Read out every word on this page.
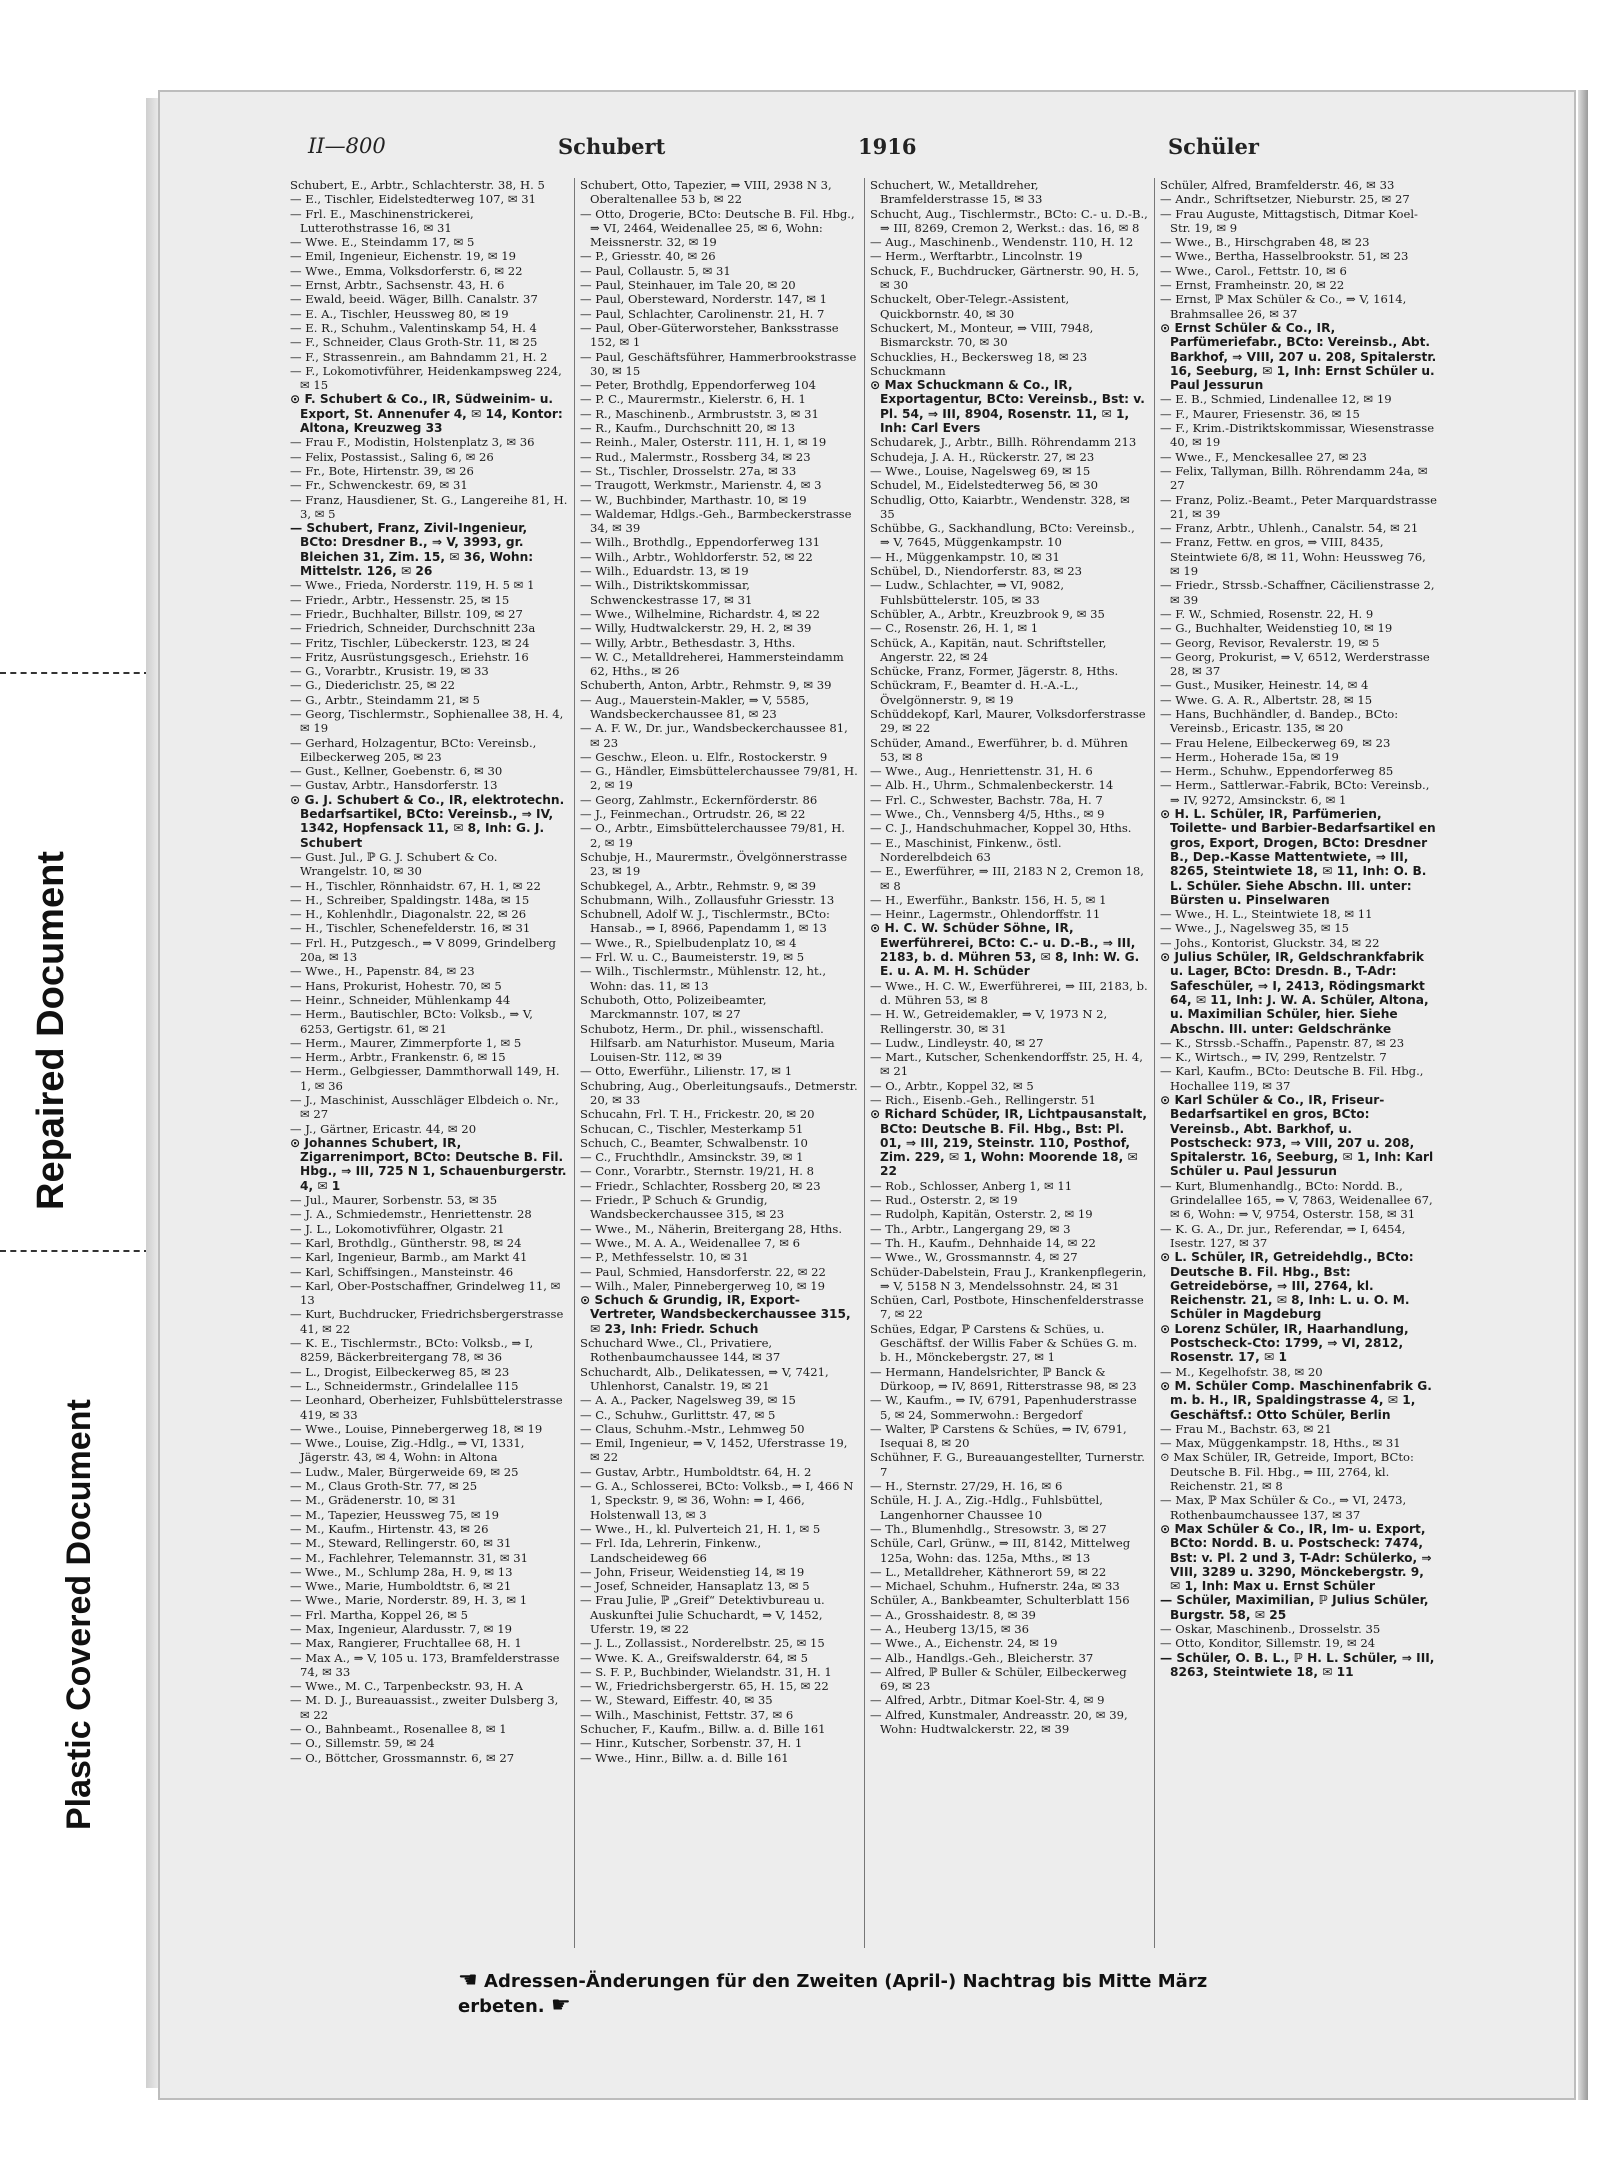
Repaired Document
Plastic Covered Document
II—800	Schubert	1916	Schüler

Schubert, E., Arbtr., Schlachterstr. 38, H. 5

— E., Tischler, Eidelstedterweg 107, ✉ 31

— Frl. E., Maschinenstrickerei, Lutterothstrasse 16, ✉ 31

— Wwe. E., Steindamm 17, ✉ 5

— Emil, Ingenieur, Eichenstr. 19, ✉ 19

— Wwe., Emma, Volksdorferstr. 6, ✉ 22

— Ernst, Arbtr., Sachsenstr. 43, H. 6

— Ewald, beeid. Wäger, Billh. Canalstr. 37

— E. A., Tischler, Heussweg 80, ✉ 19

— E. R., Schuhm., Valentinskamp 54, H. 4

— F., Schneider, Claus Groth-Str. 11, ✉ 25

— F., Strassenrein., am Bahndamm 21, H. 2

— F., Lokomotivführer, Heidenkampsweg 224, ✉ 15

⊙ F. Schubert & Co., IR, Südweinim- u. Export, St. Annenufer 4, ✉ 14, Kontor: Altona, Kreuzweg 33

— Frau F., Modistin, Holstenplatz 3, ✉ 36

— Felix, Postassist., Saling 6, ✉ 26

— Fr., Bote, Hirtenstr. 39, ✉ 26

— Fr., Schwenckestr. 69, ✉ 31

— Franz, Hausdiener, St. G., Langereihe 81, H. 3, ✉ 5

— Schubert, Franz, Zivil-Ingenieur, BCto: Dresdner B., ⇒ V, 3993, gr. Bleichen 31, Zim. 15, ✉ 36, Wohn: Mittelstr. 126, ✉ 26

— Wwe., Frieda, Norderstr. 119, H. 5 ✉ 1

— Friedr., Arbtr., Hessenstr. 25, ✉ 15

— Friedr., Buchhalter, Billstr. 109, ✉ 27

— Friedrich, Schneider, Durchschnitt 23a

— Fritz, Tischler, Lübeckerstr. 123, ✉ 24

— Fritz, Ausrüstungsgesch., Eriehstr. 16

— G., Vorarbtr., Krusistr. 19, ✉ 33

— G., Diedericlıstr. 25, ✉ 22

— G., Arbtr., Steindamm 21, ✉ 5

— Georg, Tischlermstr., Sophienallee 38, H. 4, ✉ 19

— Gerhard, Holzagentur, BCto: Vereinsb., Eilbeckerweg 205, ✉ 23

— Gust., Kellner, Goebenstr. 6, ✉ 30

— Gustav, Arbtr., Hansdorferstr. 13

⊙ G. J. Schubert & Co., IR, elektrotechn. Bedarfsartikel, BCto: Vereinsb., ⇒ IV, 1342, Hopfensack 11, ✉ 8, Inh: G. J. Schubert

— Gust. Jul., ℙ G. J. Schubert & Co. Wrangelstr. 10, ✉ 30

— H., Tischler, Rönnhaidstr. 67, H. 1, ✉ 22

— H., Schreiber, Spaldingstr. 148a, ✉ 15

— H., Kohlenhdlr., Diagonalstr. 22, ✉ 26

— H., Tischler, Schenefelderstr. 16, ✉ 31

— Frl. H., Putzgesch., ⇒ V 8099, Grindelberg 20a, ✉ 13

— Wwe., H., Papenstr. 84, ✉ 23

— Hans, Prokurist, Hohestr. 70, ✉ 5

— Heinr., Schneider, Mühlenkamp 44

— Herm., Bautischler, BCto: Volksb., ⇒ V, 6253, Gertigstr. 61, ✉ 21

— Herm., Maurer, Zimmerpforte 1, ✉ 5

— Herm., Arbtr., Frankenstr. 6, ✉ 15

— Herm., Gelbgiesser, Dammthorwall 149, H. 1, ✉ 36

— J., Maschinist, Ausschläger Elbdeich o. Nr., ✉ 27

— J., Gärtner, Ericastr. 44, ✉ 20

⊙ Johannes Schubert, IR, Zigarrenimport, BCto: Deutsche B. Fil. Hbg., ⇒ III, 725 N 1, Schauenburgerstr. 4, ✉ 1

— Jul., Maurer, Sorbenstr. 53, ✉ 35

— J. A., Schmiedemstr., Henriettenstr. 28

— J. L., Lokomotivführer, Olgastr. 21

— Karl, Brothdlg., Güntherstr. 98, ✉ 24

— Karl, Ingenieur, Barmb., am Markt 41

— Karl, Schiffsingen., Mansteinstr. 46

— Karl, Ober-Postschaffner, Grindelweg 11, ✉ 13

— Kurt, Buchdrucker, Friedrichsbergerstrasse 41, ✉ 22

— K. E., Tischlermstr., BCto: Volksb., ⇒ I, 8259, Bäckerbreitergang 78, ✉ 36

— L., Drogist, Eilbeckerweg 85, ✉ 23

— L., Schneidermstr., Grindelallee 115

— Leonhard, Oberheizer, Fuhlsbüttelerstrasse 419, ✉ 33

— Wwe., Louise, Pinnebergerweg 18, ✉ 19

— Wwe., Louise, Zig.-Hdlg., ⇒ VI, 1331, Jägerstr. 43, ✉ 4, Wohn: in Altona

— Ludw., Maler, Bürgerweide 69, ✉ 25

— M., Claus Groth-Str. 77, ✉ 25

— M., Grädenerstr. 10, ✉ 31

— M., Tapezier, Heussweg 75, ✉ 19

— M., Kaufm., Hirtenstr. 43, ✉ 26

— M., Steward, Rellingerstr. 60, ✉ 31

— M., Fachlehrer, Telemannstr. 31, ✉ 31

— Wwe., M., Schlump 28a, H. 9, ✉ 13

— Wwe., Marie, Humboldtstr. 6, ✉ 21

— Wwe., Marie, Norderstr. 89, H. 3, ✉ 1

— Frl. Martha, Koppel 26, ✉ 5

— Max, Ingenieur, Alardusstr. 7, ✉ 19

— Max, Rangierer, Fruchtallee 68, H. 1

— Max A., ⇒ V, 105 u. 173, Bramfelderstrasse 74, ✉ 33

— Wwe., M. C., Tarpenbeckstr. 93, H. A

— M. D. J., Bureauassist., zweiter Dulsberg 3, ✉ 22

— O., Bahnbeamt., Rosenallee 8, ✉ 1

— O., Sillemstr. 59, ✉ 24

— O., Böttcher, Grossmannstr. 6, ✉ 27

Schubert, Otto, Tapezier, ⇒ VIII, 2938 N 3, Oberaltenallee 53 b, ✉ 22

— Otto, Drogerie, BCto: Deutsche B. Fil. Hbg., ⇒ VI, 2464, Weidenallee 25, ✉ 6, Wohn: Meissnerstr. 32, ✉ 19

— P., Griesstr. 40, ✉ 26

— Paul, Collaustr. 5, ✉ 31

— Paul, Steinhauer, im Tale 20, ✉ 20

— Paul, Obersteward, Norderstr. 147, ✉ 1

— Paul, Schlachter, Carolinenstr. 21, H. 7

— Paul, Ober-Güterworsteher, Banksstrasse 152, ✉ 1

— Paul, Geschäftsführer, Hammerbrookstrasse 30, ✉ 15

— Peter, Brothdlg, Eppendorferweg 104

— P. C., Maurermstr., Kielerstr. 6, H. 1

— R., Maschinenb., Armbruststr. 3, ✉ 31

— R., Kaufm., Durchschnitt 20, ✉ 13

— Reinh., Maler, Osterstr. 111, H. 1, ✉ 19

— Rud., Malermstr., Rossberg 34, ✉ 23

— St., Tischler, Drosselstr. 27a, ✉ 33

— Traugott, Werkmstr., Marienstr. 4, ✉ 3

— W., Buchbinder, Marthastr. 10, ✉ 19

— Waldemar, Hdlgs.-Geh., Barmbeckerstrasse 34, ✉ 39

— Wilh., Brothdlg., Eppendorferweg 131

— Wilh., Arbtr., Wohldorferstr. 52, ✉ 22

— Wilh., Eduardstr. 13, ✉ 19

— Wilh., Distriktskommissar, Schwenckestrasse 17, ✉ 31

— Wwe., Wilhelmine, Richardstr. 4, ✉ 22

— Willy, Hudtwalckerstr. 29, H. 2, ✉ 39

— Willy, Arbtr., Bethesdastr. 3, Hths.

— W. C., Metalldreherei, Hammersteindamm 62, Hths., ✉ 26

Schuberth, Anton, Arbtr., Rehmstr. 9, ✉ 39

— Aug., Mauerstein-Makler, ⇒ V, 5585, Wandsbeckerchaussee 81, ✉ 23

— A. F. W., Dr. jur., Wandsbeckerchaussee 81, ✉ 23

— Geschw., Eleon. u. Elfr., Rostockerstr. 9

— G., Händler, Eimsbüttelerchaussee 79/81, H. 2, ✉ 19

— Georg, Zahlmstr., Eckernförderstr. 86

— J., Feinmechan., Ortrudstr. 26, ✉ 22

— O., Arbtr., Eimsbüttelerchaussee 79/81, H. 2, ✉ 19

Schubje, H., Maurermstr., Övelgönnerstrasse 23, ✉ 19

Schubkegel, A., Arbtr., Rehmstr. 9, ✉ 39

Schubmann, Wilh., Zollausfuhr Griesstr. 13

Schubnell, Adolf W. J., Tischlermstr., BCto: Hansab., ⇒ I, 8966, Papendamm 1, ✉ 13

— Wwe., R., Spielbudenplatz 10, ✉ 4

— Frl. W. u. C., Baumeisterstr. 19, ✉ 5

— Wilh., Tischlermstr., Mühlenstr. 12, ht., Wohn: das. 11, ✉ 13

Schuboth, Otto, Polizeibeamter, Marckmannstr. 107, ✉ 27

Schubotz, Herm., Dr. phil., wissenschaftl. Hilfsarb. am Naturhistor. Museum, Maria Louisen-Str. 112, ✉ 39

— Otto, Ewerführ., Lilienstr. 17, ✉ 1

Schubring, Aug., Oberleitungsaufs., Detmerstr. 20, ✉ 33

Schucahn, Frl. T. H., Frickestr. 20, ✉ 20

Schucan, C., Tischler, Mesterkamp 51

Schuch, C., Beamter, Schwalbenstr. 10

— C., Fruchthdlr., Amsinckstr. 39, ✉ 1

— Conr., Vorarbtr., Sternstr. 19/21, H. 8

— Friedr., Schlachter, Rossberg 20, ✉ 23

— Friedr., ℙ Schuch & Grundig, Wandsbeckerchaussee 315, ✉ 23

— Wwe., M., Näherin, Breitergang 28, Hths.

— Wwe., M. A. A., Weidenallee 7, ✉ 6

— P., Methfesselstr. 10, ✉ 31

— Paul, Schmied, Hansdorferstr. 22, ✉ 22

— Wilh., Maler, Pinnebergerweg 10, ✉ 19

⊙ Schuch & Grundig, IR, Export-Vertreter, Wandsbeckerchaussee 315, ✉ 23, Inh: Friedr. Schuch

Schuchard Wwe., Cl., Privatiere, Rothenbaumchaussee 144, ✉ 37

Schuchardt, Alb., Delikatessen, ⇒ V, 7421, Uhlenhorst, Canalstr. 19, ✉ 21

— A. A., Packer, Nagelsweg 39, ✉ 15

— C., Schuhw., Gurlittstr. 47, ✉ 5

— Claus, Schuhm.-Mstr., Lehmweg 50

— Emil, Ingenieur, ⇒ V, 1452, Uferstrasse 19, ✉ 22

— Gustav, Arbtr., Humboldtstr. 64, H. 2

— G. A., Schlosserei, BCto: Volksb., ⇒ I, 466 N 1, Speckstr. 9, ✉ 36, Wohn: ⇒ I, 466, Holstenwall 13, ✉ 3

— Wwe., H., kl. Pulverteich 21, H. 1, ✉ 5

— Frl. Ida, Lehrerin, Finkenw., Landscheideweg 66

— John, Friseur, Weidenstieg 14, ✉ 19

— Josef, Schneider, Hansaplatz 13, ✉ 5

— Frau Julie, ℙ „Greif“ Detektivbureau u. Auskunftei Julie Schuchardt, ⇒ V, 1452, Uferstr. 19, ✉ 22

— J. L., Zollassist., Norderelbstr. 25, ✉ 15

— Wwe. K. A., Greifswalderstr. 64, ✉ 5

— S. F. P., Buchbinder, Wielandstr. 31, H. 1

— W., Friedrichsbergerstr. 65, H. 15, ✉ 22

— W., Steward, Eiffestr. 40, ✉ 35

— Wilh., Maschinist, Fettstr. 37, ✉ 6

Schucher, F., Kaufm., Billw. a. d. Bille 161

— Hinr., Kutscher, Sorbenstr. 37, H. 1

— Wwe., Hinr., Billw. a. d. Bille 161

Schuchert, W., Metalldreher, Bramfelderstrasse 15, ✉ 33

Schucht, Aug., Tischlermstr., BCto: C.- u. D.-B., ⇒ III, 8269, Cremon 2, Werkst.: das. 16, ✉ 8

— Aug., Maschinenb., Wendenstr. 110, H. 12

— Herm., Werftarbtr., Lincolnstr. 19

Schuck, F., Buchdrucker, Gärtnerstr. 90, H. 5, ✉ 30

Schuckelt, Ober-Telegr.-Assistent, Quickbornstr. 40, ✉ 30

Schuckert, M., Monteur, ⇒ VIII, 7948, Bismarckstr. 70, ✉ 30

Schucklies, H., Beckersweg 18, ✉ 23

Schuckmann

⊙ Max Schuckmann & Co., IR, Exportagentur, BCto: Vereinsb., Bst: v. Pl. 54, ⇒ III, 8904, Rosenstr. 11, ✉ 1, Inh: Carl Evers

Schudarek, J., Arbtr., Billh. Röhrendamm 213

Schudeja, J. A. H., Rückerstr. 27, ✉ 23

— Wwe., Louise, Nagelsweg 69, ✉ 15

Schudel, M., Eidelstedterweg 56, ✉ 30

Schudlig, Otto, Kaiarbtr., Wendenstr. 328, ✉ 35

Schübbe, G., Sackhandlung, BCto: Vereinsb., ⇒ V, 7645, Müggenkampstr. 10

— H., Müggenkampstr. 10, ✉ 31

Schübel, D., Niendorferstr. 83, ✉ 23

— Ludw., Schlachter, ⇒ VI, 9082, Fuhlsbüttelerstr. 105, ✉ 33

Schübler, A., Arbtr., Kreuzbrook 9, ✉ 35

— C., Rosenstr. 26, H. 1, ✉ 1

Schück, A., Kapitän, naut. Schriftsteller, Angerstr. 22, ✉ 24

Schücke, Franz, Former, Jägerstr. 8, Hths.

Schückram, F., Beamter d. H.-A.-L., Övelgönnerstr. 9, ✉ 19

Schüddekopf, Karl, Maurer, Volksdorferstrasse 29, ✉ 22

Schüder, Amand., Ewerführer, b. d. Mühren 53, ✉ 8

— Wwe., Aug., Henriettenstr. 31, H. 6

— Alb. H., Uhrm., Schmalenbeckerstr. 14

— Frl. C., Schwester, Bachstr. 78a, H. 7

— Wwe., Ch., Vennsberg 4/5, Hths., ✉ 9

— C. J., Handschuhmacher, Koppel 30, Hths.

— E., Maschinist, Finkenw., östl. Norderelbdeich 63

— E., Ewerführer, ⇒ III, 2183 N 2, Cremon 18, ✉ 8

— H., Ewerführ., Bankstr. 156, H. 5, ✉ 1

— Heinr., Lagermstr., Ohlendorffstr. 11

⊙ H. C. W. Schüder Söhne, IR, Ewerführerei, BCto: C.- u. D.-B., ⇒ III, 2183, b. d. Mühren 53, ✉ 8, Inh: W. G. E. u. A. M. H. Schüder

— Wwe., H. C. W., Ewerführerei, ⇒ III, 2183, b. d. Mühren 53, ✉ 8

— H. W., Getreidemakler, ⇒ V, 1973 N 2, Rellingerstr. 30, ✉ 31

— Ludw., Lindleystr. 40, ✉ 27

— Mart., Kutscher, Schenkendorffstr. 25, H. 4, ✉ 21

— O., Arbtr., Koppel 32, ✉ 5

— Rich., Eisenb.-Geh., Rellingerstr. 51

⊙ Richard Schüder, IR, Lichtpausanstalt, BCto: Deutsche B. Fil. Hbg., Bst: Pl. 01, ⇒ III, 219, Steinstr. 110, Posthof, Zim. 229, ✉ 1, Wohn: Moorende 18, ✉ 22

— Rob., Schlosser, Anberg 1, ✉ 11

— Rud., Osterstr. 2, ✉ 19

— Rudolph, Kapitän, Osterstr. 2, ✉ 19

— Th., Arbtr., Langergang 29, ✉ 3

— Th. H., Kaufm., Dehnhaide 14, ✉ 22

— Wwe., W., Grossmannstr. 4, ✉ 27

Schüder-Dabelstein, Frau J., Krankenpflegerin, ⇒ V, 5158 N 3, Mendelssohnstr. 24, ✉ 31

Schüen, Carl, Postbote, Hinschenfelderstrasse 7, ✉ 22

Schües, Edgar, ℙ Carstens & Schües, u. Geschäftsf. der Willis Faber & Schües G. m. b. H., Mönckebergstr. 27, ✉ 1

— Hermann, Handelsrichter, ℙ Banck & Dürkoop, ⇒ IV, 8691, Ritterstrasse 98, ✉ 23

— W., Kaufm., ⇒ IV, 6791, Papenhuderstrasse 5, ✉ 24, Sommerwohn.: Bergedorf

— Walter, ℙ Carstens & Schües, ⇒ IV, 6791, Isequai 8, ✉ 20

Schühner, F. G., Bureauangestellter, Turnerstr. 7

— H., Sternstr. 27/29, H. 16, ✉ 6

Schüle, H. J. A., Zig.-Hdlg., Fuhlsbüttel, Langenhorner Chaussee 10

— Th., Blumenhdlg., Stresowstr. 3, ✉ 27

Schüle, Carl, Grünw., ⇒ III, 8142, Mittelweg 125a, Wohn: das. 125a, Mths., ✉ 13

— L., Metalldreher, Käthnerort 59, ✉ 22

— Michael, Schuhm., Hufnerstr. 24a, ✉ 33

Schüler, A., Bankbeamter, Schulterblatt 156

— A., Grosshaidestr. 8, ✉ 39

— A., Heuberg 13/15, ✉ 36

— Wwe., A., Eichenstr. 24, ✉ 19

— Alb., Handlgs.-Geh., Bleicherstr. 37

— Alfred, ℙ Buller & Schüler, Eilbeckerweg 69, ✉ 23

— Alfred, Arbtr., Ditmar Koel-Str. 4, ✉ 9

— Alfred, Kunstmaler, Andreasstr. 20, ✉ 39, Wohn: Hudtwalckerstr. 22, ✉ 39

Schüler, Alfred, Bramfelderstr. 46, ✉ 33

— Andr., Schriftsetzer, Nieburstr. 25, ✉ 27

— Frau Auguste, Mittagstisch, Ditmar Koel-Str. 19, ✉ 9

— Wwe., B., Hirschgraben 48, ✉ 23

— Wwe., Bertha, Hasselbrookstr. 51, ✉ 23

— Wwe., Carol., Fettstr. 10, ✉ 6

— Ernst, Framheinstr. 20, ✉ 22

— Ernst, ℙ Max Schüler & Co., ⇒ V, 1614, Brahmsallee 26, ✉ 37

⊙ Ernst Schüler & Co., IR, Parfümeriefabr., BCto: Vereinsb., Abt. Barkhof, ⇒ VIII, 207 u. 208, Spitalerstr. 16, Seeburg, ✉ 1, Inh: Ernst Schüler u. Paul Jessurun

— E. B., Schmied, Lindenallee 12, ✉ 19

— F., Maurer, Friesenstr. 36, ✉ 15

— F., Krim.-Distriktskommissar, Wiesenstrasse 40, ✉ 19

— Wwe., F., Menckesallee 27, ✉ 23

— Felix, Tallyman, Billh. Röhrendamm 24a, ✉ 27

— Franz, Poliz.-Beamt., Peter Marquardstrasse 21, ✉ 39

— Franz, Arbtr., Uhlenh., Canalstr. 54, ✉ 21

— Franz, Fettw. en gros, ⇒ VIII, 8435, Steintwiete 6/8, ✉ 11, Wohn: Heussweg 76, ✉ 19

— Friedr., Strssb.-Schaffner, Cäcilienstrasse 2, ✉ 39

— F. W., Schmied, Rosenstr. 22, H. 9

— G., Buchhalter, Weidenstieg 10, ✉ 19

— Georg, Revisor, Revalerstr. 19, ✉ 5

— Georg, Prokurist, ⇒ V, 6512, Werderstrasse 28, ✉ 37

— Gust., Musiker, Heinestr. 14, ✉ 4

— Wwe. G. A. R., Albertstr. 28, ✉ 15

— Hans, Buchhändler, d. Bandep., BCto: Vereinsb., Ericastr. 135, ✉ 20

— Frau Helene, Eilbeckerweg 69, ✉ 23

— Herm., Hoherade 15a, ✉ 19

— Herm., Schuhw., Eppendorferweg 85

— Herm., Sattlerwar.-Fabrik, BCto: Vereinsb., ⇒ IV, 9272, Amsinckstr. 6, ✉ 1

⊙ H. L. Schüler, IR, Parfümerien, Toilette- und Barbier-Bedarfsartikel en gros, Export, Drogen, BCto: Dresdner B., Dep.-Kasse Mattentwiete, ⇒ III, 8265, Steintwiete 18, ✉ 11, Inh: O. B. L. Schüler. Siehe Abschn. III. unter: Bürsten u. Pinselwaren

— Wwe., H. L., Steintwiete 18, ✉ 11

— Wwe., J., Nagelsweg 35, ✉ 15

— Johs., Kontorist, Gluckstr. 34, ✉ 22

⊙ Julius Schüler, IR, Geldschrankfabrik u. Lager, BCto: Dresdn. B., T-Adr: Safeschüler, ⇒ I, 2413, Rödingsmarkt 64, ✉ 11, Inh: J. W. A. Schüler, Altona, u. Maximilian Schüler, hier. Siehe Abschn. III. unter: Geldschränke

— K., Strssb.-Schaffn., Papenstr. 87, ✉ 23

— K., Wirtsch., ⇒ IV, 299, Rentzelstr. 7

— Karl, Kaufm., BCto: Deutsche B. Fil. Hbg., Hochallee 119, ✉ 37

⊙ Karl Schüler & Co., IR, Friseur-Bedarfsartikel en gros, BCto: Vereinsb., Abt. Barkhof, u. Postscheck: 973, ⇒ VIII, 207 u. 208, Spitalerstr. 16, Seeburg, ✉ 1, Inh: Karl Schüler u. Paul Jessurun

— Kurt, Blumenhandlg., BCto: Nordd. B., Grindelallee 165, ⇒ V, 7863, Weidenallee 67, ✉ 6, Wohn: ⇒ V, 9754, Osterstr. 158, ✉ 31

— K. G. A., Dr. jur., Referendar, ⇒ I, 6454, Isestr. 127, ✉ 37

⊙ L. Schüler, IR, Getreidehdlg., BCto: Deutsche B. Fil. Hbg., Bst: Getreidebörse, ⇒ III, 2764, kl. Reichenstr. 21, ✉ 8, Inh: L. u. O. M. Schüler in Magdeburg

⊙ Lorenz Schüler, IR, Haarhandlung, Postscheck-Cto: 1799, ⇒ VI, 2812, Rosenstr. 17, ✉ 1

— M., Kegelhofstr. 38, ✉ 20

⊙ M. Schüler Comp. Maschinenfabrik G. m. b. H., IR, Spaldingstrasse 4, ✉ 1, Geschäftsf.: Otto Schüler, Berlin

— Frau M., Bachstr. 63, ✉ 21

— Max, Müggenkampstr. 18, Hths., ✉ 31

⊙ Max Schüler, IR, Getreide, Import, BCto: Deutsche B. Fil. Hbg., ⇒ III, 2764, kl. Reichenstr. 21, ✉ 8

— Max, ℙ Max Schüler & Co., ⇒ VI, 2473, Rothenbaumchaussee 137, ✉ 37

⊙ Max Schüler & Co., IR, Im- u. Export, BCto: Nordd. B. u. Postscheck: 7474, Bst: v. Pl. 2 und 3, T-Adr: Schülerko, ⇒ VIII, 3289 u. 3290, Mönckebergstr. 9, ✉ 1, Inh: Max u. Ernst Schüler

— Schüler, Maximilian, ℙ Julius Schüler, Burgstr. 58, ✉ 25

— Oskar, Maschinenb., Drosselstr. 35

— Otto, Konditor, Sillemstr. 19, ✉ 24

— Schüler, O. B. L., ℙ H. L. Schüler, ⇒ III, 8263, Steintwiete 18, ✉ 11

☚ Adressen-Änderungen für den Zweiten (April-) Nachtrag bis Mitte März erbeten. ☛
